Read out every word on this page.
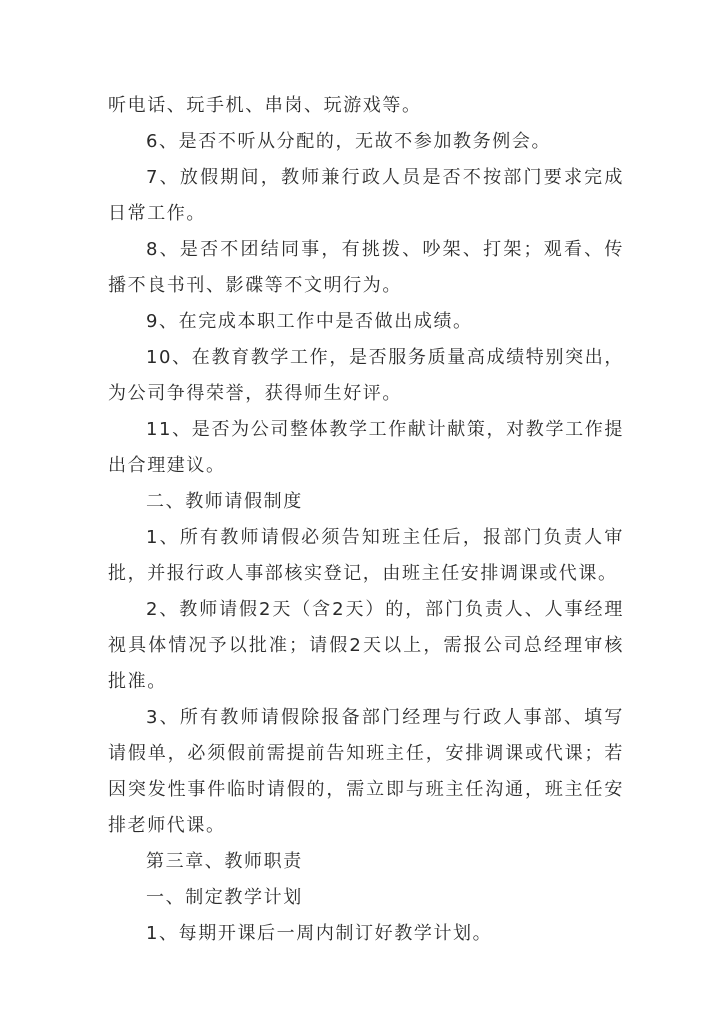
听电话、玩手机、串岗、玩游戏等。

6、是否不听从分配的，无故不参加教务例会。

7、放假期间，教师兼行政人员是否不按部门要求完成日常工作。

8、是否不团结同事，有挑拨、吵架、打架；观看、传播不良书刊、影碟等不文明行为。

9、在完成本职工作中是否做出成绩。

10、在教育教学工作，是否服务质量高成绩特别突出，为公司争得荣誉，获得师生好评。

11、是否为公司整体教学工作献计献策，对教学工作提出合理建议。

二、教师请假制度

1、所有教师请假必须告知班主任后，报部门负责人审批，并报行政人事部核实登记，由班主任安排调课或代课。

2、教师请假2天（含2天）的，部门负责人、人事经理视具体情况予以批准；请假2天以上，需报公司总经理审核批准。

3、所有教师请假除报备部门经理与行政人事部、填写请假单，必须假前需提前告知班主任，安排调课或代课；若因突发性事件临时请假的，需立即与班主任沟通，班主任安排老师代课。

第三章、教师职责

一、制定教学计划

1、每期开课后一周内制订好教学计划。
